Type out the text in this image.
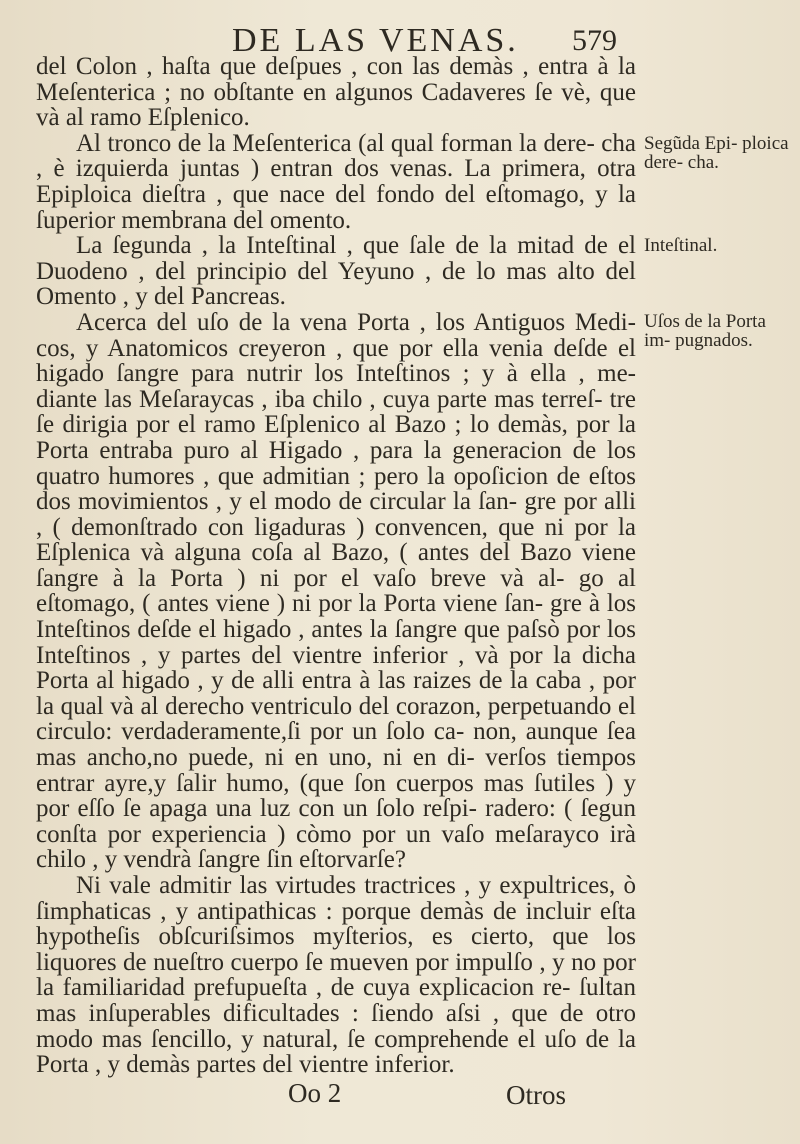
DE LAS VENAS. 579

del Colon , haſta que deſpues , con las demàs , entra à la Meſenterica ; no obſtante en algunos Cadaveres ſe vè, que và al ramo Eſplenico.

Al tronco de la Meſenterica (al qual forman la dere- cha , è izquierda juntas ) entran dos venas. La primera, otra Epiploica dieſtra , que nace del fondo del eſtomago, y la ſuperior membrana del omento.

La ſegunda , la Inteſtinal , que ſale de la mitad de el Duodeno , del principio del Yeyuno , de lo mas alto del Omento , y del Pancreas.

Acerca del uſo de la vena Porta , los Antiguos Medi- cos, y Anatomicos creyeron , que por ella venia deſde el higado ſangre para nutrir los Inteſtinos ; y à ella , me- diante las Meſaraycas , iba chilo , cuya parte mas terreſ- tre ſe dirigia por el ramo Eſplenico al Bazo ; lo demàs, por la Porta entraba puro al Higado , para la generacion de los quatro humores , que admitian ; pero la opoſicion de eſtos dos movimientos , y el modo de circular la ſan- gre por alli , ( demonſtrado con ligaduras ) convencen, que ni por la Eſplenica và alguna coſa al Bazo, ( antes del Bazo viene ſangre à la Porta ) ni por el vaſo breve và al- go al eſtomago, ( antes viene ) ni por la Porta viene ſan- gre à los Inteſtinos deſde el higado , antes la ſangre que paſsò por los Inteſtinos , y partes del vientre inferior , và por la dicha Porta al higado , y de alli entra à las raizes de la caba , por la qual và al derecho ventriculo del corazon, perpetuando el circulo: verdaderamente,ſi por un ſolo ca- non, aunque ſea mas ancho,no puede, ni en uno, ni en di- verſos tiempos entrar ayre,y ſalir humo, (que ſon cuerpos mas ſutiles ) y por eſſo ſe apaga una luz con un ſolo reſpi- radero: ( ſegun conſta por experiencia ) còmo por un vaſo meſarayco irà chilo , y vendrà ſangre ſin eſtorvarſe?

Ni vale admitir las virtudes tractrices , y expultrices, ò ſimphaticas , y antipathicas : porque demàs de incluir eſta hypotheſis obſcuriſsimos myſterios, es cierto, que los liquores de nueſtro cuerpo ſe mueven por impulſo , y no por la familiaridad prefupueſta , de cuya explicacion re- ſultan mas inſuperables dificultades : ſiendo aſsi , que de otro modo mas ſencillo, y natural, ſe comprehende el uſo de la Porta , y demàs partes del vientre inferior.

Segũda Epi- ploica dere- cha.
Inteſtinal.
Uſos de la Porta im- pugnados.
Oo 2	Otros
